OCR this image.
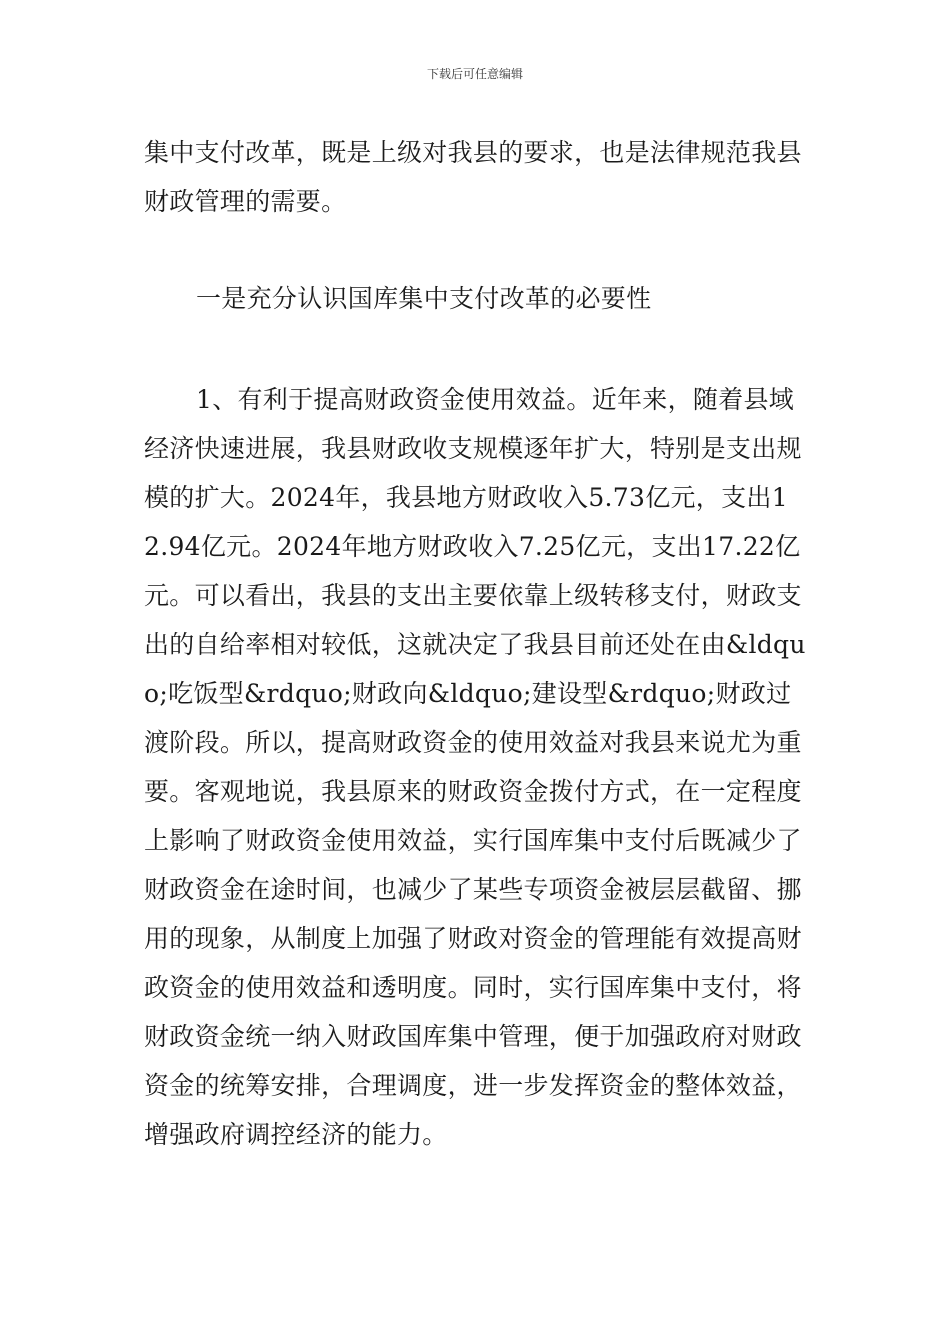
下载后可任意编辑

集中支付改革，既是上级对我县的要求，也是法律规范我县财政管理的需要。

一是充分认识国库集中支付改革的必要性

1、有利于提高财政资金使用效益。近年来，随着县域经济快速进展，我县财政收支规模逐年扩大，特别是支出规模的扩大。2024年，我县地方财政收入5.73亿元，支出12.94亿元。2024年地方财政收入7.25亿元，支出17.22亿元。可以看出，我县的支出主要依靠上级转移支付，财政支出的自给率相对较低，这就决定了我县目前还处在由&ldquo;吃饭型&rdquo;财政向&ldquo;建设型&rdquo;财政过渡阶段。所以，提高财政资金的使用效益对我县来说尤为重要。客观地说，我县原来的财政资金拨付方式，在一定程度上影响了财政资金使用效益，实行国库集中支付后既减少了财政资金在途时间，也减少了某些专项资金被层层截留、挪用的现象，从制度上加强了财政对资金的管理能有效提高财政资金的使用效益和透明度。同时，实行国库集中支付，将财政资金统一纳入财政国库集中管理，便于加强政府对财政资金的统筹安排，合理调度，进一步发挥资金的整体效益，增强政府调控经济的能力。
